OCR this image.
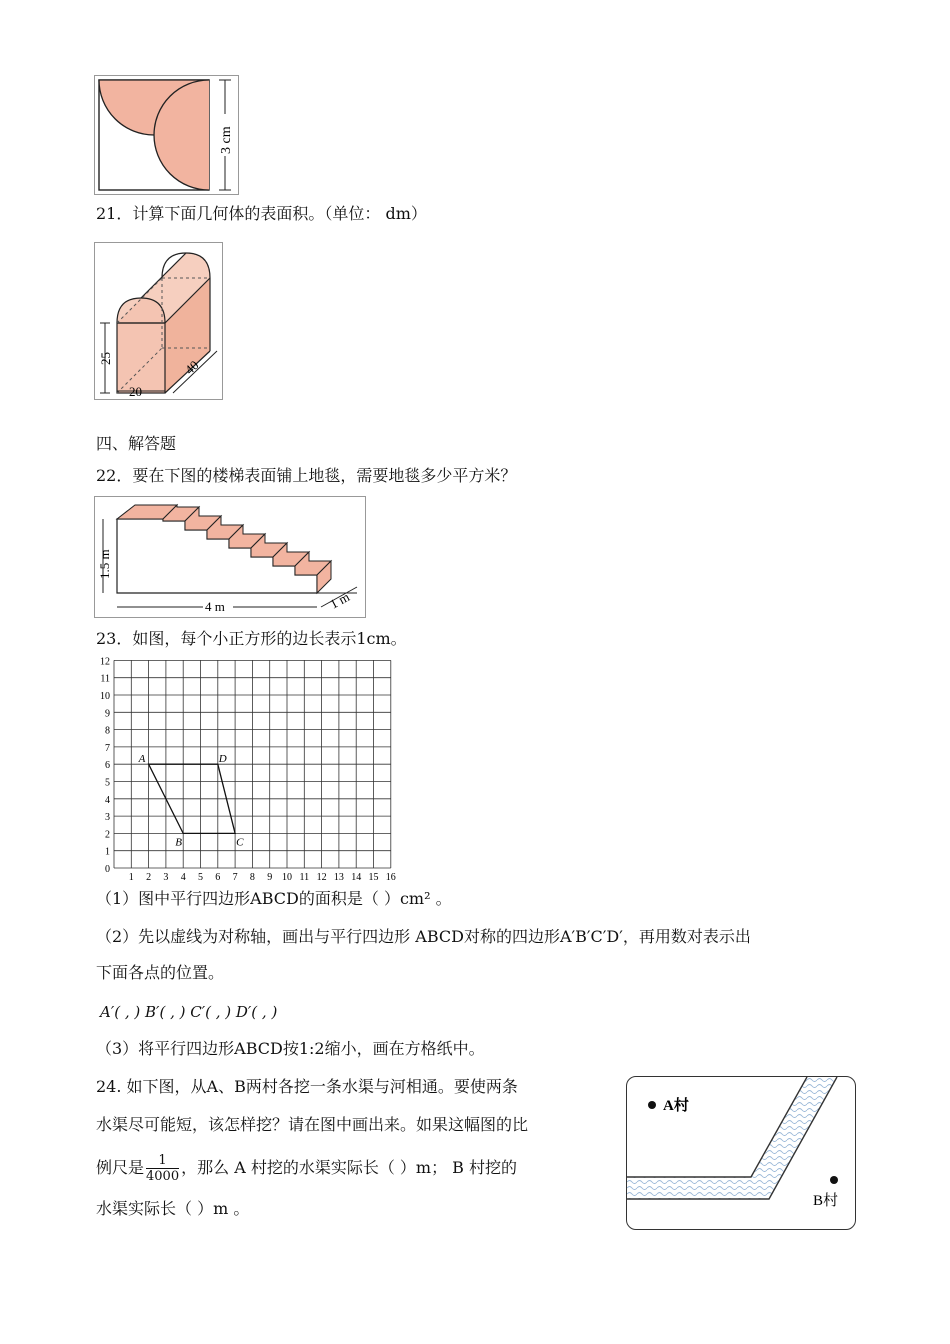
3 cm
21．计算下面几何体的表面积。（单位： dm）
25
20
40
四、解答题
22．要在下图的楼梯表面铺上地毯，需要地毯多少平方米？
1.5 m
4 m	1 m
23．如图，每个小正方形的边长表示1cm。
0
1
2
3
4
5
6
7
8
9
10
11
12
1 2 3 4 5 6 7 8 9 10 11 12 13 14 15 16
A	D
C
B
（1）图中平行四边形ABCD的面积是（ ）cm² 。
（2）先以虚线为对称轴，画出与平行四边形 ABCD对称的四边形A′B′C′D′，再用数对表示出
下面各点的位置。
A′( , ) B′( , ) C′( , ) D′( , )
（3）将平行四边形ABCD按1:2缩小，画在方格纸中。
24. 如下图，从A、B两村各挖一条水渠与河相通。要使两条
水渠尽可能短，该怎样挖？请在图中画出来。如果这幅图的比
例尺是 $\frac{1}{4000}$ ，那么 A 村挖的水渠实际长（ ）m； B 村挖的
水渠实际长（ ）m 。
A村
B村
